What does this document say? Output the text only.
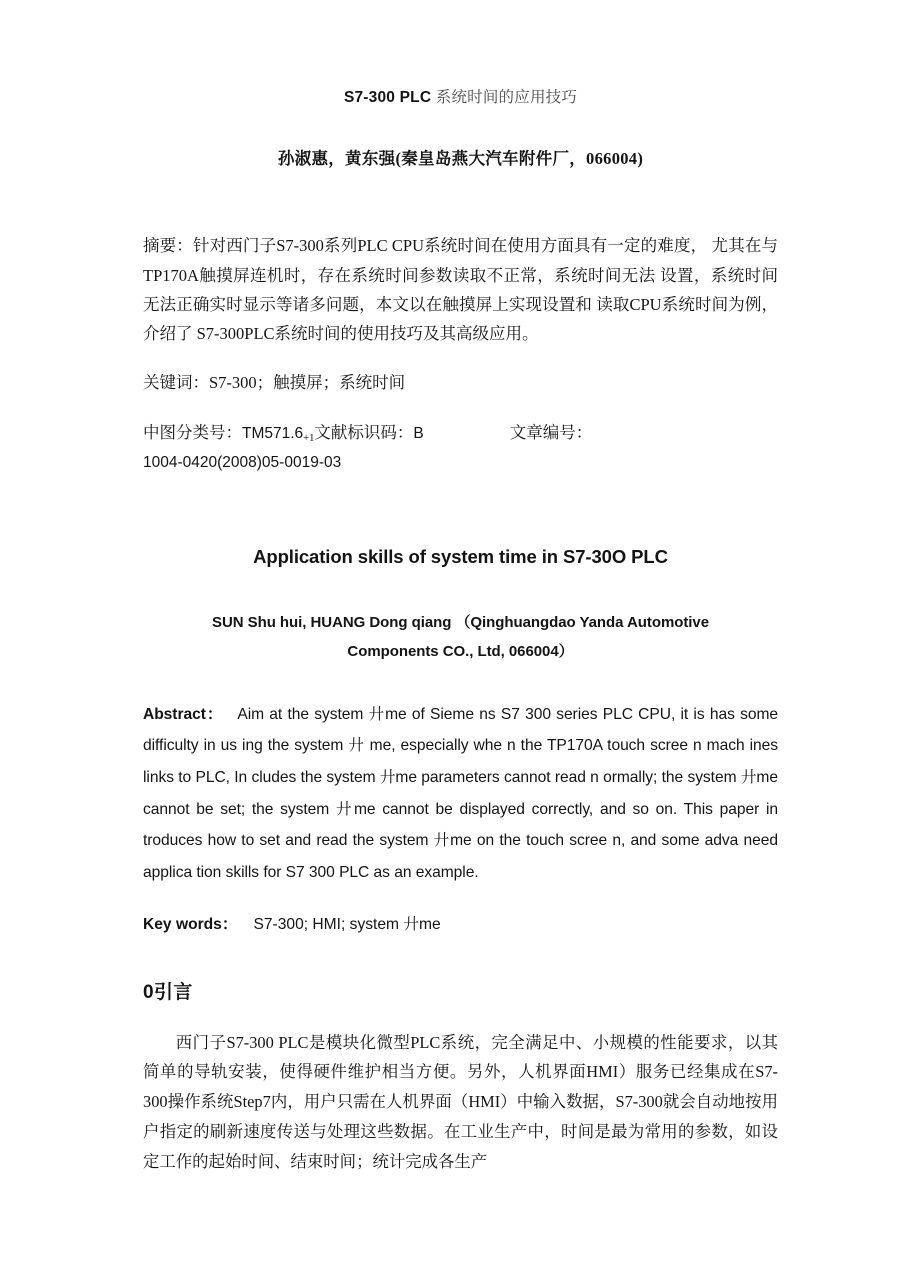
S7-300 PLC 系统时间的应用技巧
孙淑惠，黄东强(秦皇岛燕大汽车附件厂，066004)

摘要：针对西门子S7-300系列PLC CPU系统时间在使用方面具有一定的难度， 尤其在与TP170A触摸屏连机时，存在系统时间参数读取不正常，系统时间无法 设置，系统时间无法正确实时显示等诸多问题，本文以在触摸屏上实现设置和 读取CPU系统时间为例，介绍了 S7-300PLC系统时间的使用技巧及其高级应用。

关键词：S7-300；触摸屏；系统时间

中图分类号：$TM571.6_{+1}$文献标识码：B	文章编号：
1004-0420(2008)05-0019-03

Application skills of system time in S7-30O PLC
SUN Shu hui, HUANG Dong qiang （Qinghuangdao Yanda Automotive
Components CO., Ltd, 066004）

Abstract： Aim at the system 廾me of Sieme ns S7 300 series PLC CPU, it is has some difficulty in us ing the system 廾 me, especially whe n the TP170A touch scree n mach ines links to PLC, In cludes the system 廾me parameters cannot read n ormally; the system 廾me cannot be set; the system 廾me cannot be displayed correctly, and so on. This paper in troduces how to set and read the system 廾me on the touch scree n, and some adva need applica tion skills for S7 300 PLC as an example.

Key words： S7-300; HMI; system 廾me

0引言

西门子S7-300 PLC是模块化微型PLC系统，完全满足中、小规模的性能要求，以其简单的导轨安装，使得硬件维护相当方便。另外，人机界面HMI）服务已经集成在S7-300操作系统Step7内，用户只需在人机界面（HMI）中输入数据，S7-300就会自动地按用户指定的刷新速度传送与处理这些数据。在工业生产中，时间是最为常用的参数，如设定工作的起始时间、结束时间；统计完成各生产
